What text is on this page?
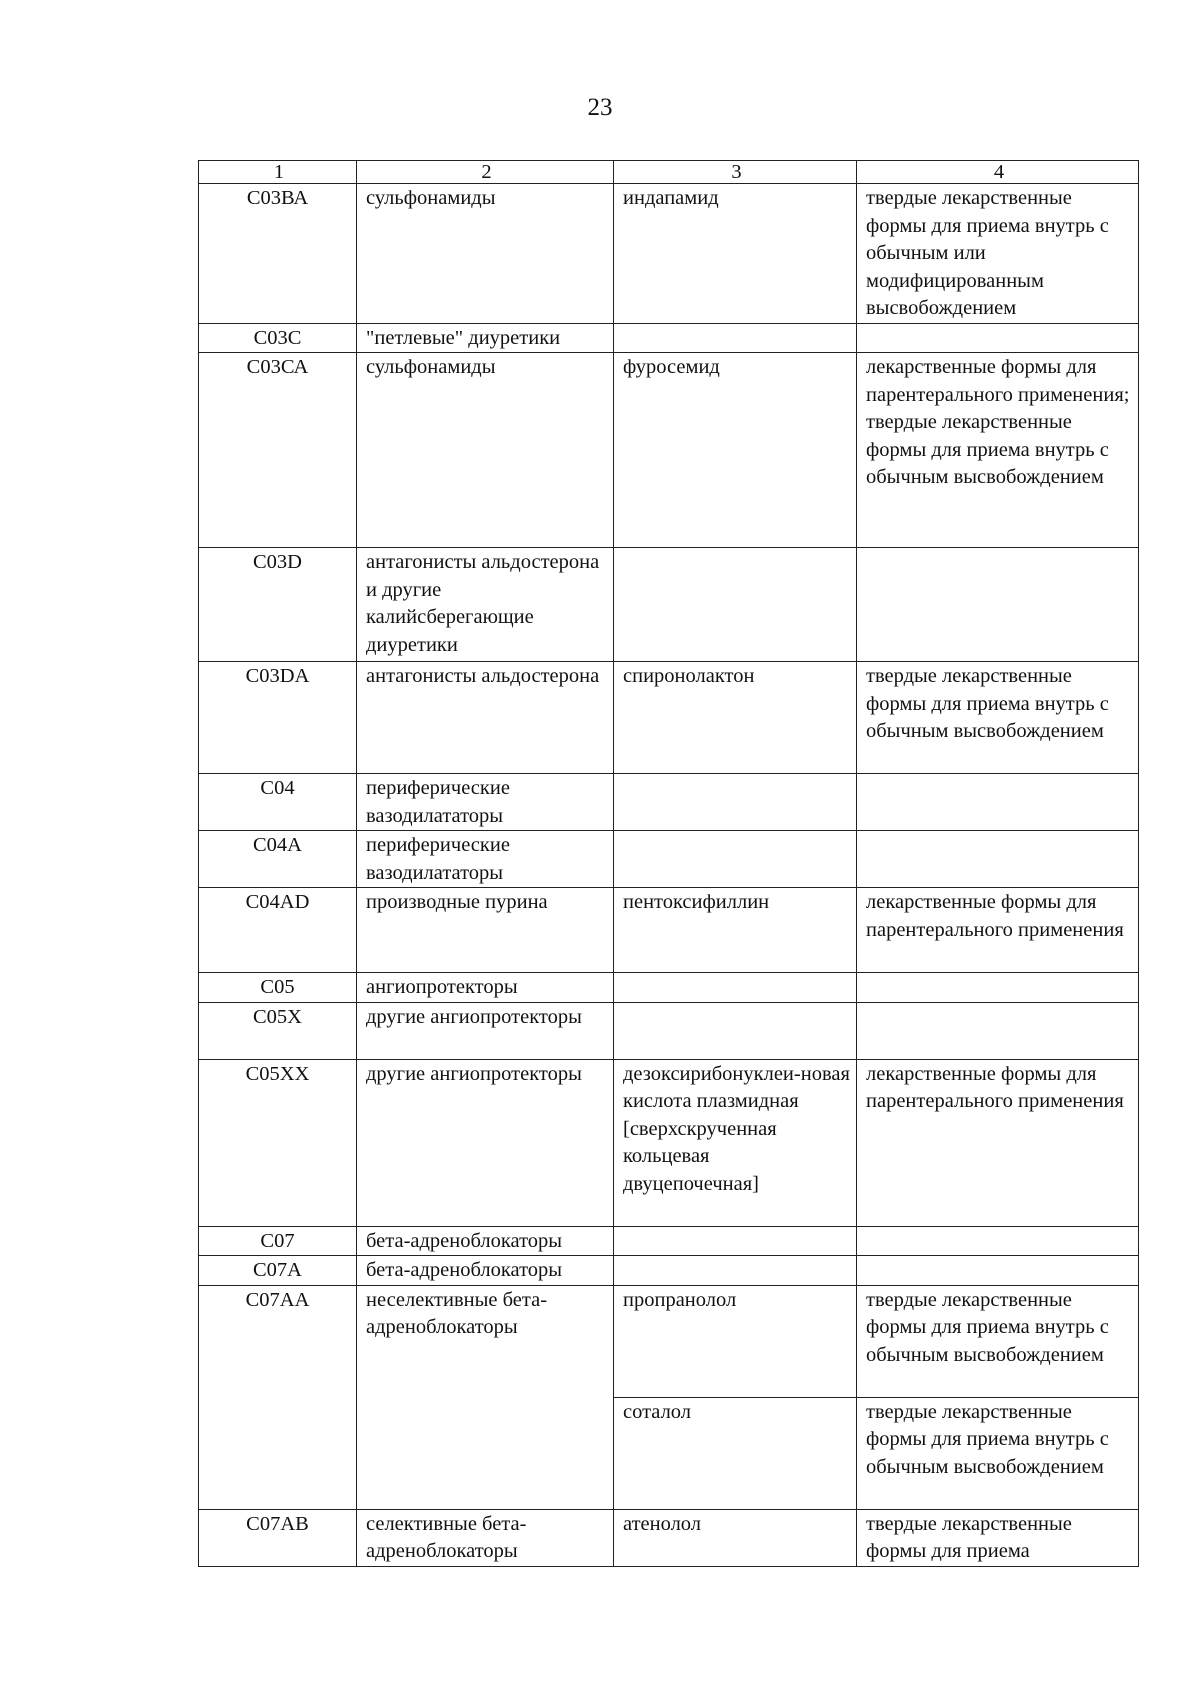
23
1	2	3	4
С03ВА	сульфонамиды	индапамид	твердые лекарственные формы для приема внутрь с обычным или модифицированным высвобождением
С03С	"петлевые" диуретики		
С03СА	сульфонамиды	фуросемид	лекарственные формы для парентерального применения; твердые лекарственные формы для приема внутрь с обычным высвобождением
С03D	антагонисты альдостерона и другие калийсберегающие диуретики		
С03DA	антагонисты альдостерона	спиронолактон	твердые лекарственные формы для приема внутрь с обычным высвобождением
С04	периферические вазодилататоры		
С04А	периферические вазодилататоры		
С04AD	производные пурина	пентоксифиллин	лекарственные формы для парентерального применения
С05	ангиопротекторы		
С05Х	другие ангиопротекторы		
С05ХХ	другие ангиопротекторы	дезоксирибонуклеи-новая кислота плазмидная [сверхскрученная кольцевая двуцепочечная]	лекарственные формы для парентерального применения
С07	бета-адреноблокаторы		
С07А	бета-адреноблокаторы		
С07АА	неселективные бета-адреноблокаторы	пропранолол	твердые лекарственные формы для приема внутрь с обычным высвобождением
		соталол	твердые лекарственные формы для приема внутрь с обычным высвобождением
С07АВ	селективные бета-адреноблокаторы	атенолол	твердые лекарственные формы для приема
